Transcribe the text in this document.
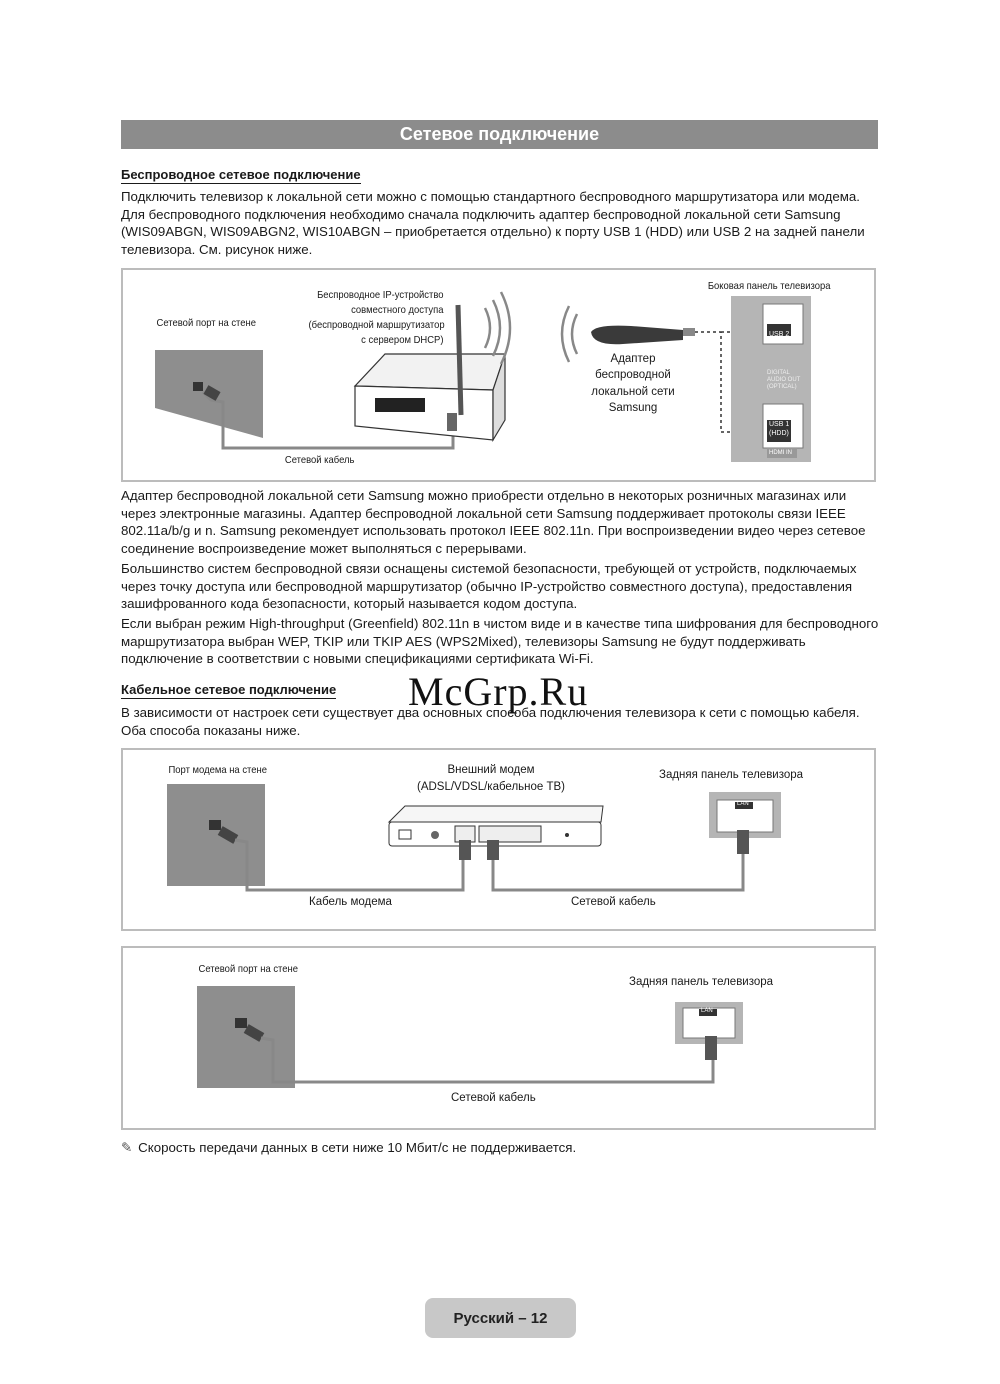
Сетевое подключение
Беспроводное сетевое подключение

Подключить телевизор к локальной сети можно с помощью стандартного беспроводного маршрутизатора или модема. Для беспроводного подключения необходимо сначала подключить адаптер беспроводной локальной сети Samsung (WIS09ABGN, WIS09ABGN2, WIS10ABGN – приобретается отдельно) к порту USB 1 (HDD) или USB 2 на задней панели телевизора. См. рисунок ниже.

Сетевой порт на стене
Беспроводное IP-устройство
совместного доступа
(беспроводной маршрутизатор
с сервером DHCP)
Сетевой кабель
Боковая панель телевизора
Адаптер
беспроводной
локальной сети
Samsung
USB 2
USB 1
(HDD)
DIGITAL
AUDIO OUT
(OPTICAL)
HDMI IN

Адаптер беспроводной локальной сети Samsung можно приобрести отдельно в некоторых розничных магазинах или через электронные магазины. Адаптер беспроводной локальной сети Samsung поддерживает протоколы связи IEEE 802.11a/b/g и n. Samsung рекомендует использовать протокол IEEE 802.11n. При воспроизведении видео через сетевое соединение воспроизведение может выполняться с перерывами.

Большинство систем беспроводной связи оснащены системой безопасности, требующей от устройств, подключаемых через точку доступа или беспроводной маршрутизатор (обычно IP-устройство совместного доступа), предоставления зашифрованного кода безопасности, который называется кодом доступа.

Если выбран режим High-throughput (Greenfield) 802.11n в чистом виде и в качестве типа шифрования для беспроводного маршрутизатора выбран WEP, TKIP или TKIP AES (WPS2Mixed), телевизоры Samsung не будут поддерживать подключение в соответствии с новыми спецификациями сертификата Wi-Fi.

Кабельное сетевое подключение

В зависимости от настроек сети существует два основных способа подключения телевизора к сети с помощью кабеля. Оба способа показаны ниже.

McGrp.Ru
Порт модема на стене	Внешний модем
(ADSL/VDSL/кабельное ТВ)
Задняя панель телевизора
LAN
Кабель модема	Сетевой кабель
Сетевой порт на стене
Задняя панель телевизора
LAN
Сетевой кабель
✎ Скорость передачи данных в сети ниже 10 Мбит/с не поддерживается.
Русский – 12
